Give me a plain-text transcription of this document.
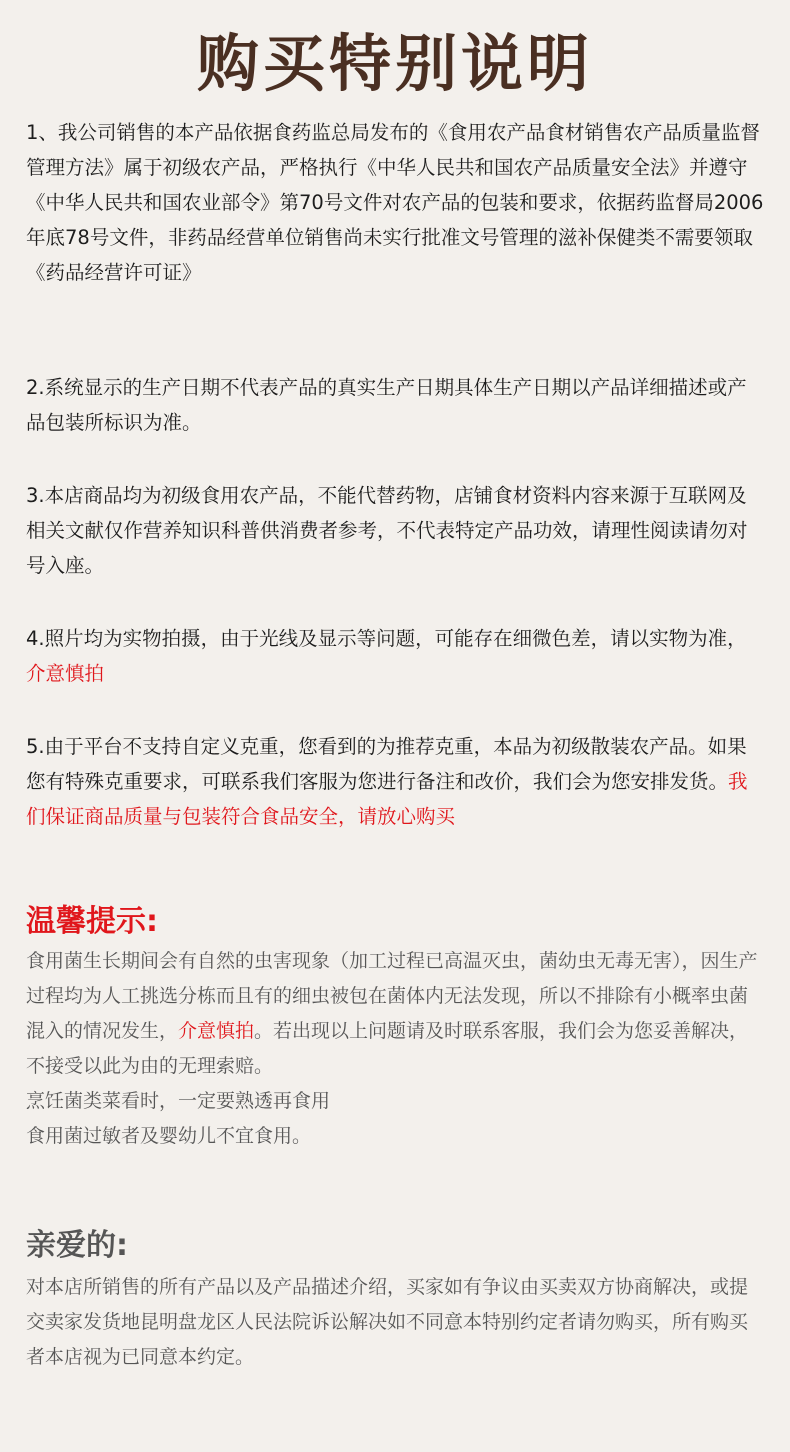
购买特别说明

1、我公司销售的本产品依据食药监总局发布的《食用农产品食材销售农产品质量监督管理方法》属于初级农产品，严格执行《中华人民共和国农产品质量安全法》并遵守《中华人民共和国农业部令》第70号文件对农产品的包装和要求，依据药监督局2006年底78号文件，非药品经营单位销售尚未实行批准文号管理的滋补保健类不需要领取《药品经营许可证》

2.系统显示的生产日期不代表产品的真实生产日期具体生产日期以产品详细描述或产品包装所标识为准。

3.本店商品均为初级食用农产品，不能代替药物，店铺食材资料内容来源于互联网及相关文献仅作营养知识科普供消费者参考，不代表特定产品功效，请理性阅读请勿对号入座。

4.照片均为实物拍摄，由于光线及显示等问题，可能存在细微色差，请以实物为准，介意慎拍

5.由于平台不支持自定义克重，您看到的为推荐克重，本品为初级散装农产品。如果您有特殊克重要求，可联系我们客服为您进行备注和改价，我们会为您安排发货。我们保证商品质量与包装符合食品安全，请放心购买

温馨提示:

食用菌生长期间会有自然的虫害现象（加工过程已高温灭虫，菌幼虫无毒无害），因生产过程均为人工挑选分栋而且有的细虫被包在菌体内无法发现，所以不排除有小概率虫菌混入的情况发生，介意慎拍。若出现以上问题请及时联系客服，我们会为您妥善解决，不接受以此为由的无理索赔。

烹饪菌类菜看时，一定要熟透再食用

食用菌过敏者及婴幼儿不宜食用。

亲爱的:

对本店所销售的所有产品以及产品描述介绍，买家如有争议由买卖双方协商解决，或提交卖家发货地昆明盘龙区人民法院诉讼解决如不同意本特别约定者请勿购买，所有购买者本店视为已同意本约定。
